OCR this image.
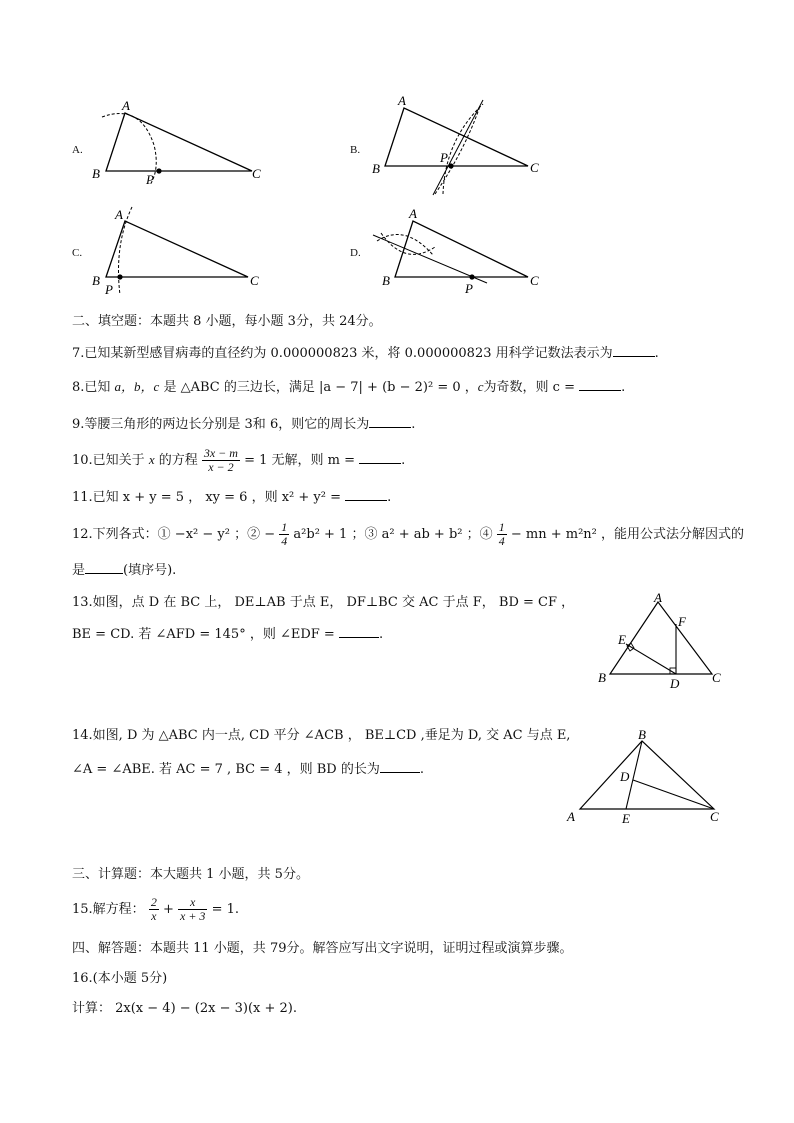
A.
A
B	C
P
B.
A
B	C
P
C.
A
B	C
P
D.
A
B	C
P
二、填空题：本题共 8 小题，每小题 3分，共 24分。
7.已知某新型感冒病毒的直径约为 0.000000823 米，将 0.000000823 用科学记数法表示为	.
8.已知 a，b，c 是 △ABC 的三边长，满足 |a − 7| + (b − 2)² = 0 ，c为奇数，则 c =	.
9.等腰三角形的两边长分别是 3和 6，则它的周长为	.
10.已知关于 x 的方程 $\frac{3x - m}{x - 2} = 1$ 无解，则 m =	.
11.已知 x + y = 5 ， xy = 6 ，则 x² + y² =	.
12.下列各式：① −x² − y² ；② − $\frac{1}{4} a^2b^2 + 1$ ；③ a² + ab + b² ；④ $\frac{1}{4}$ − mn + m²n² ，能用公式法分解因式的
是	(填序号).
13.如图，点 D 在 BC 上， DE⊥AB 于点 E， DF⊥BC 交 AC 于点 F， BD = CF ，
BE = CD. 若 ∠AFD = 145° ，则 ∠EDF =	.
A
F
E
B	D	C
14.如图, D 为 △ABC 内一点, CD 平分 ∠ACB ， BE⊥CD ,垂足为 D, 交 AC 与点 E,
∠A = ∠ABE. 若 AC = 7 , BC = 4 ，则 BD 的长为	.
B
D
A	E	C
三、计算题：本大题共 1 小题，共 5分。
15.解方程： $\frac{2}{x} + \frac{x}{x + 3} = 1$.
四、解答题：本题共 11 小题，共 79分。解答应写出文字说明，证明过程或演算步骤。
16.(本小题 5分)
计算： 2x(x − 4) − (2x − 3)(x + 2).
